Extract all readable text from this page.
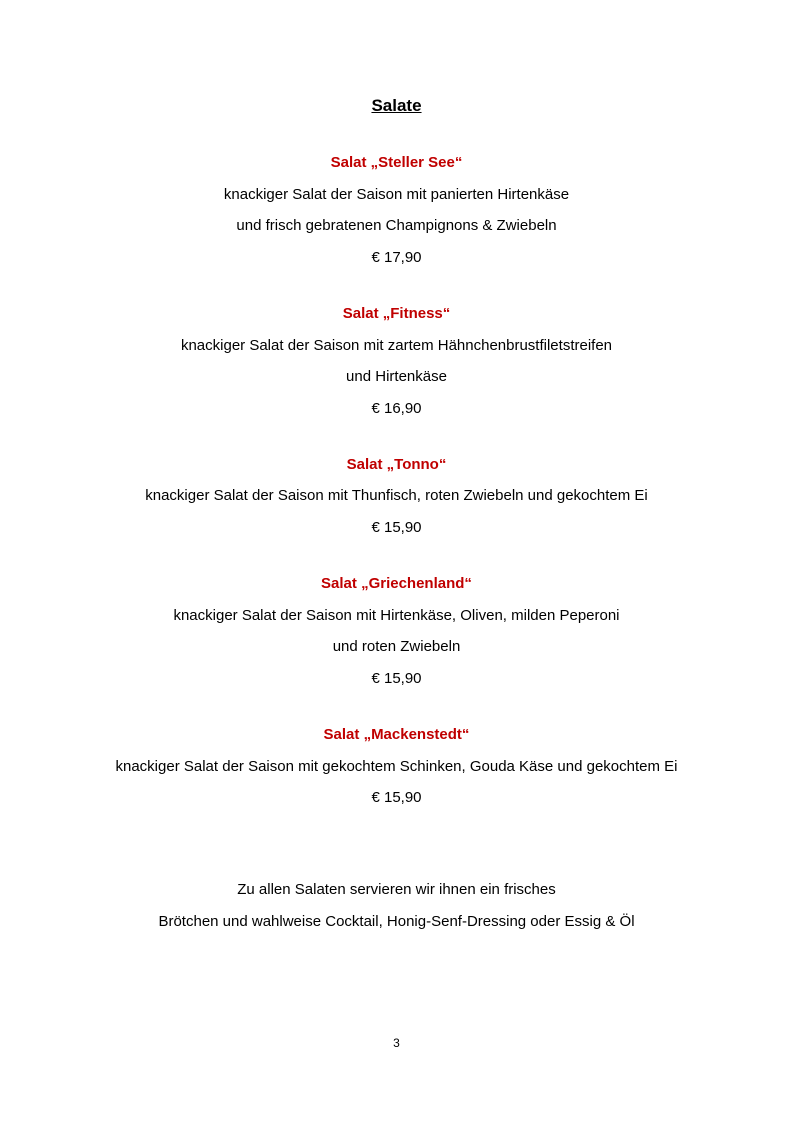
Salate
Salat „Steller See“
knackiger Salat der Saison mit panierten Hirtenkäse
und frisch gebratenen Champignons & Zwiebeln
€ 17,90
Salat „Fitness“
knackiger Salat der Saison mit zartem Hähnchenbrustfiletstreifen
und Hirtenkäse
€ 16,90
Salat „Tonno“
knackiger Salat der Saison mit Thunfisch, roten Zwiebeln und gekochtem Ei
€ 15,90
Salat „Griechenland“
knackiger Salat der Saison mit Hirtenkäse, Oliven, milden Peperoni
und roten Zwiebeln
€ 15,90
Salat „Mackenstedt“
knackiger Salat der Saison mit gekochtem Schinken, Gouda Käse und gekochtem Ei
€ 15,90
Zu allen Salaten servieren wir ihnen ein frisches
Brötchen und wahlweise Cocktail, Honig-Senf-Dressing oder Essig & Öl
3
